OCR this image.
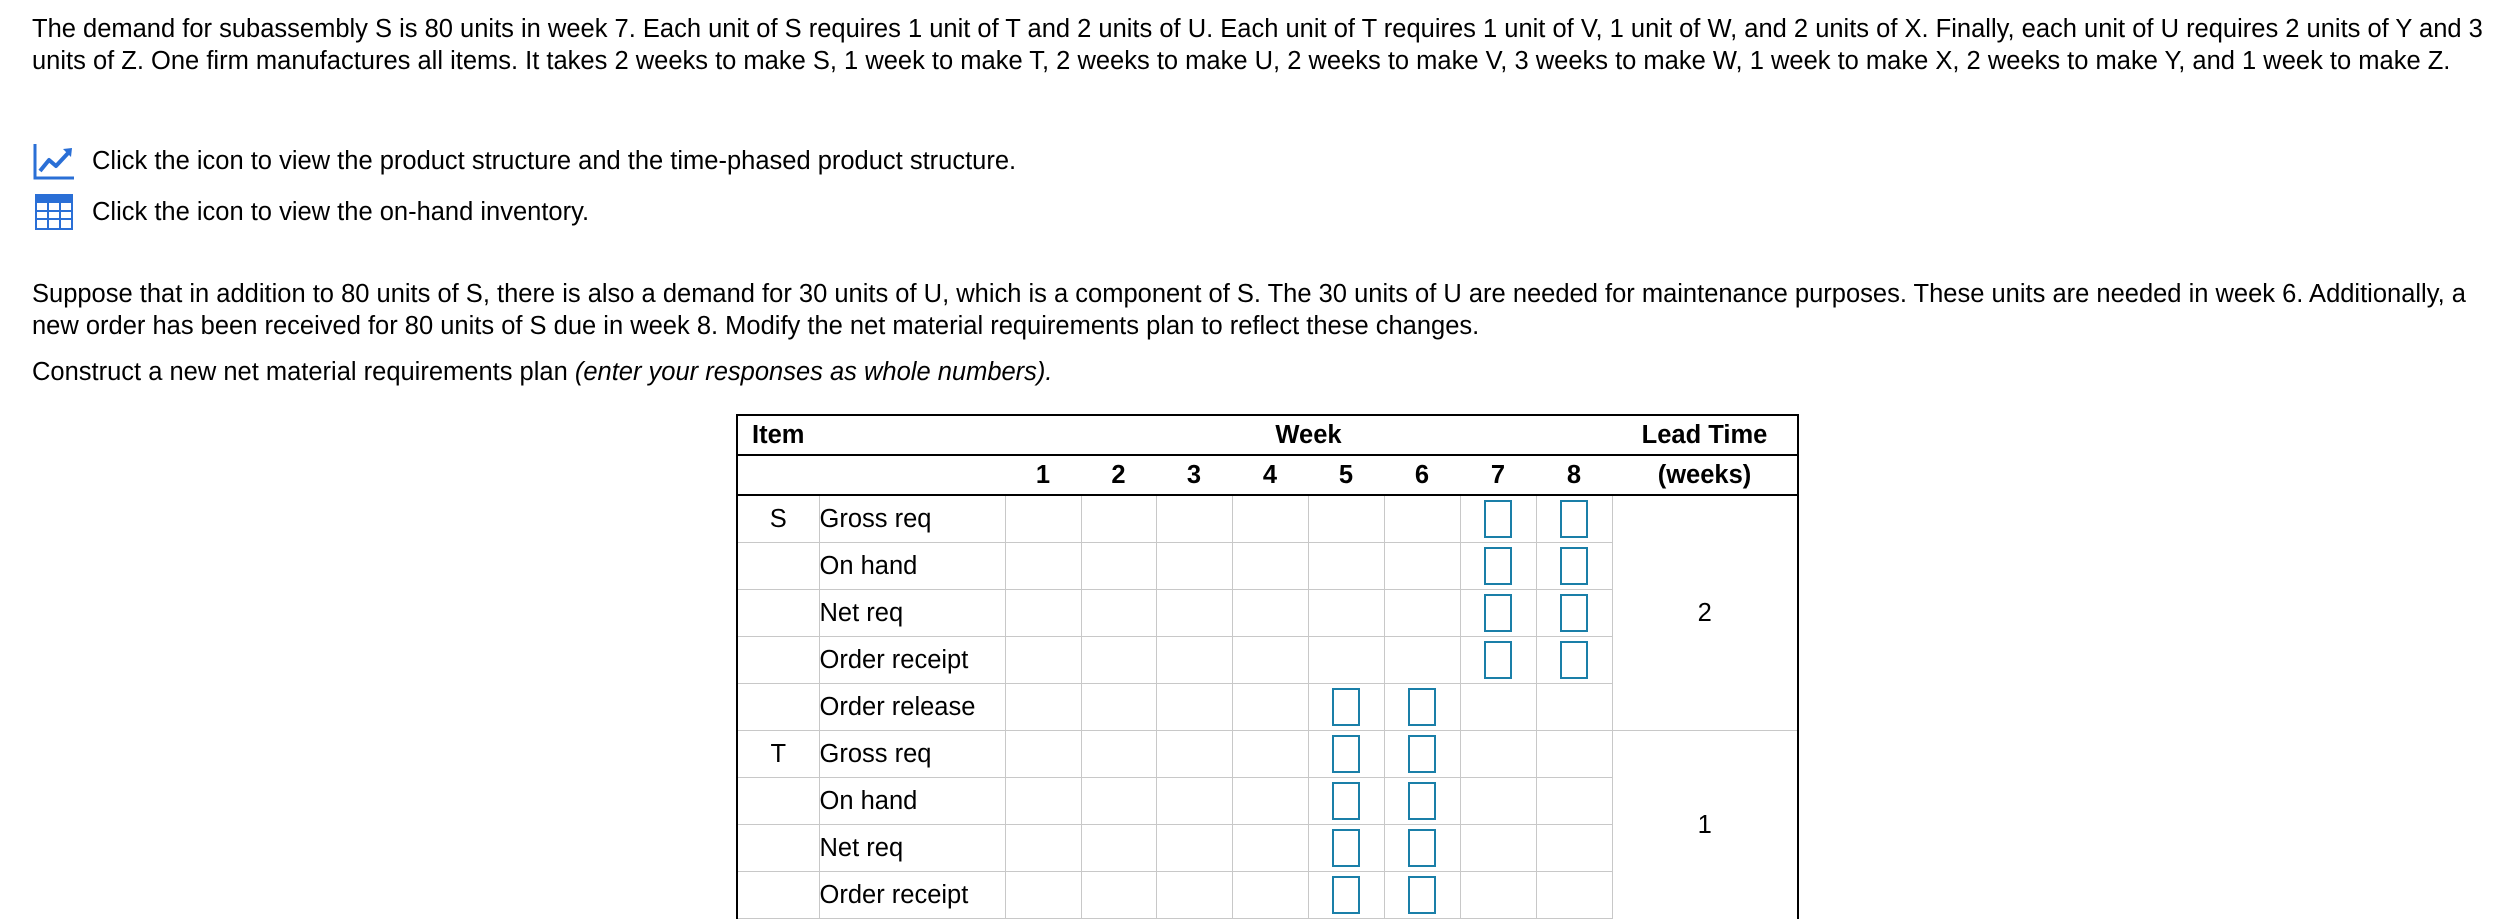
The demand for subassembly S is 80 units in week 7. Each unit of S requires 1 unit of T and 2 units of U. Each unit of T requires 1 unit of V, 1 unit of W, and 2 units of X. Finally, each unit of U requires 2 units of Y and 3 units of Z. One firm manufactures all items. It takes 2 weeks to make S, 1 week to make T, 2 weeks to make U, 2 weeks to make V, 3 weeks to make W, 1 week to make X, 2 weeks to make Y, and 1 week to make Z.

Click the icon to view the product structure and the time-phased product structure.
Click the icon to view the on-hand inventory.

Suppose that in addition to 80 units of S, there is also a demand for 30 units of U, which is a component of S. The 30 units of U are needed for maintenance purposes. These units are needed in week 6. Additionally, a new order has been received for 80 units of S due in week 8. Modify the net material requirements plan to reflect these changes.

Construct a new net material requirements plan (enter your responses as whole numbers).

Item		Week								Lead Time
		1	2	3	4	5	6	7	8	(weeks)
S	Gross req									2
	On hand									
	Net req									
	Order receipt									
	Order release									
T	Gross req									1
	On hand									
	Net req									
	Order receipt									
